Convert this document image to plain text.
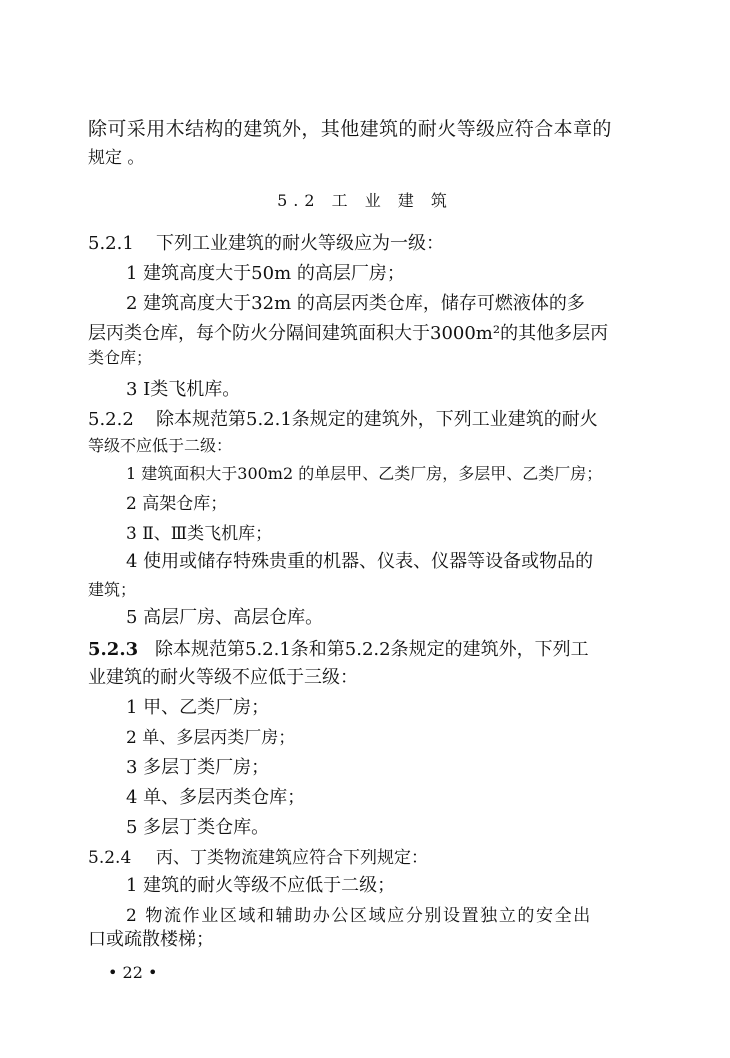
除可采用木结构的建筑外，其他建筑的耐火等级应符合本章的
规定 。
5.2 工 业 建 筑
5.2.1 下列工业建筑的耐火等级应为一级：
1 建筑高度大于50m 的高层厂房；
2 建筑高度大于32m 的高层丙类仓库，储存可燃液体的多
层丙类仓库，每个防火分隔间建筑面积大于3000m²的其他多层丙
类仓库；
3 Ⅰ类飞机库。
5.2.2 除本规范第5.2.1条规定的建筑外，下列工业建筑的耐火
等级不应低于二级：
1 建筑面积大于300m2 的单层甲、乙类厂房，多层甲、乙类厂房；
2 高架仓库；
3 Ⅱ、Ⅲ类飞机库；
4 使用或储存特殊贵重的机器、仪表、仪器等设备或物品的
建筑；
5 高层厂房、高层仓库。
5.2.3 除本规范第5.2.1条和第5.2.2条规定的建筑外，下列工
业建筑的耐火等级不应低于三级：
1 甲、乙类厂房；
2 单、多层丙类厂房；
3 多层丁类厂房；
4 单、多层丙类仓库；
5 多层丁类仓库。
5.2.4 丙、丁类物流建筑应符合下列规定：
1 建筑的耐火等级不应低于二级；
2 物流作业区域和辅助办公区域应分别设置独立的安全出
口或疏散楼梯；
• 22 •
